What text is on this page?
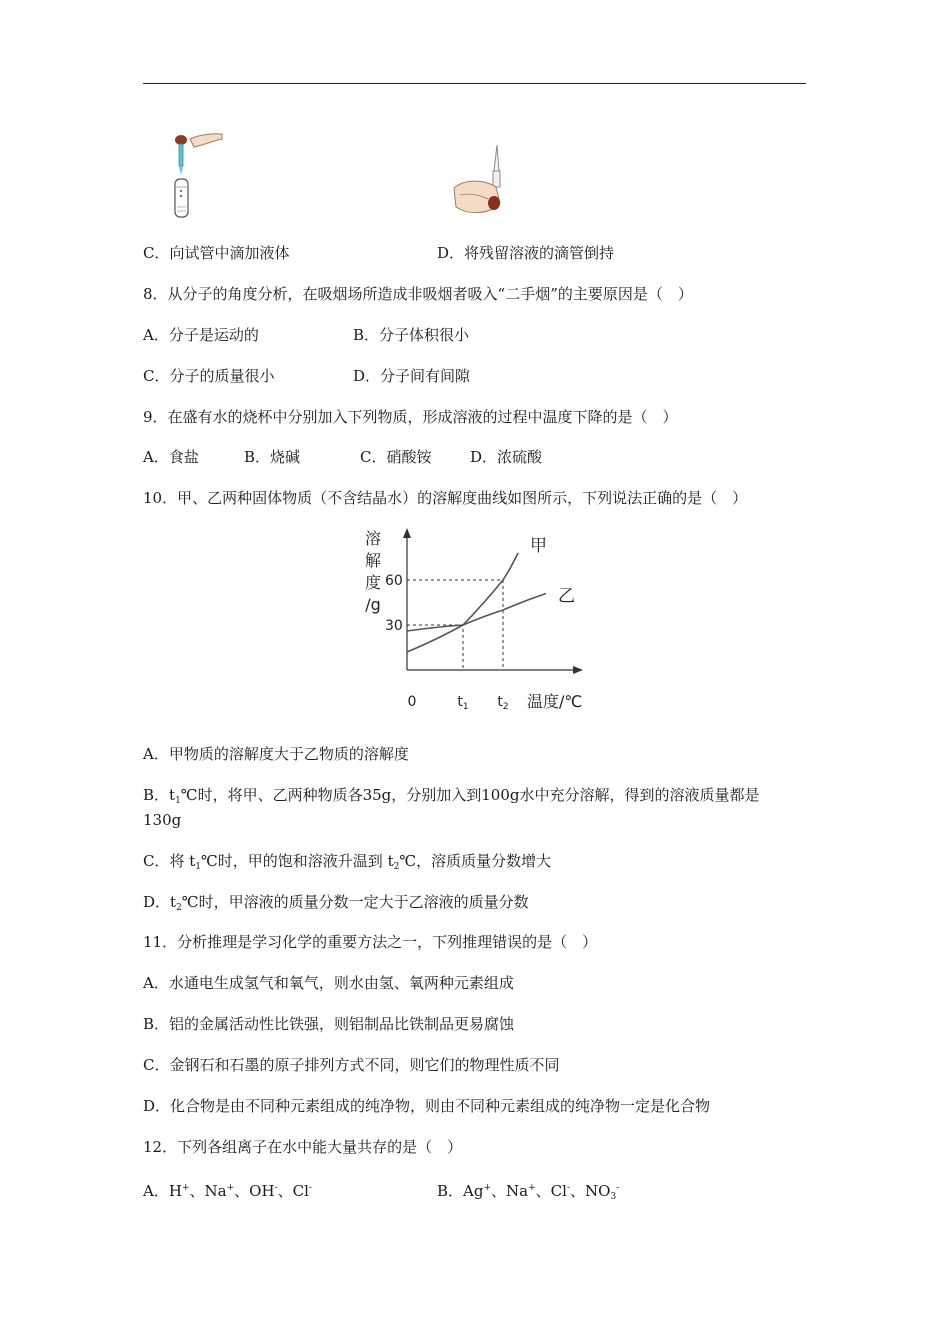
C．向试管中滴加液体	D．将残留溶液的滴管倒持
8．从分子的角度分析，在吸烟场所造成非吸烟者吸入“二手烟”的主要原因是（　）
A．分子是运动的	B．分子体积很小
C．分子的质量很小	D．分子间有间隙
9．在盛有水的烧杯中分别加入下列物质，形成溶液的过程中温度下降的是（　）
A．食盐	B．烧碱	C．硝酸铵	D．浓硫酸
10．甲、乙两种固体物质（不含结晶水）的溶解度曲线如图所示，下列说法正确的是（　）
溶
解
度
/g
甲
乙
60
30
0	$t_1$ $t_2$ 温度/℃
A．甲物质的溶解度大于乙物质的溶解度
B．$t_1℃$时，将甲、乙两种物质各35g，分别加入到100g水中充分溶解，得到的溶液质量都是
130g
C．将 $t_1℃$时，甲的饱和溶液升温到 $t_2℃$，溶质质量分数增大
D．$t_2℃$时，甲溶液的质量分数一定大于乙溶液的质量分数
11．分析推理是学习化学的重要方法之一，下列推理错误的是（　）
A．水通电生成氢气和氧气，则水由氢、氧两种元素组成
B．铝的金属活动性比铁强，则铝制品比铁制品更易腐蚀
C．金钢石和石墨的原子排列方式不同，则它们的物理性质不同
D．化合物是由不同种元素组成的纯净物，则由不同种元素组成的纯净物一定是化合物
12．下列各组离子在水中能大量共存的是（　）
A．H+、Na+、OH-、Cl-	B．Ag+、Na+、Cl-、$NO_3^-$
